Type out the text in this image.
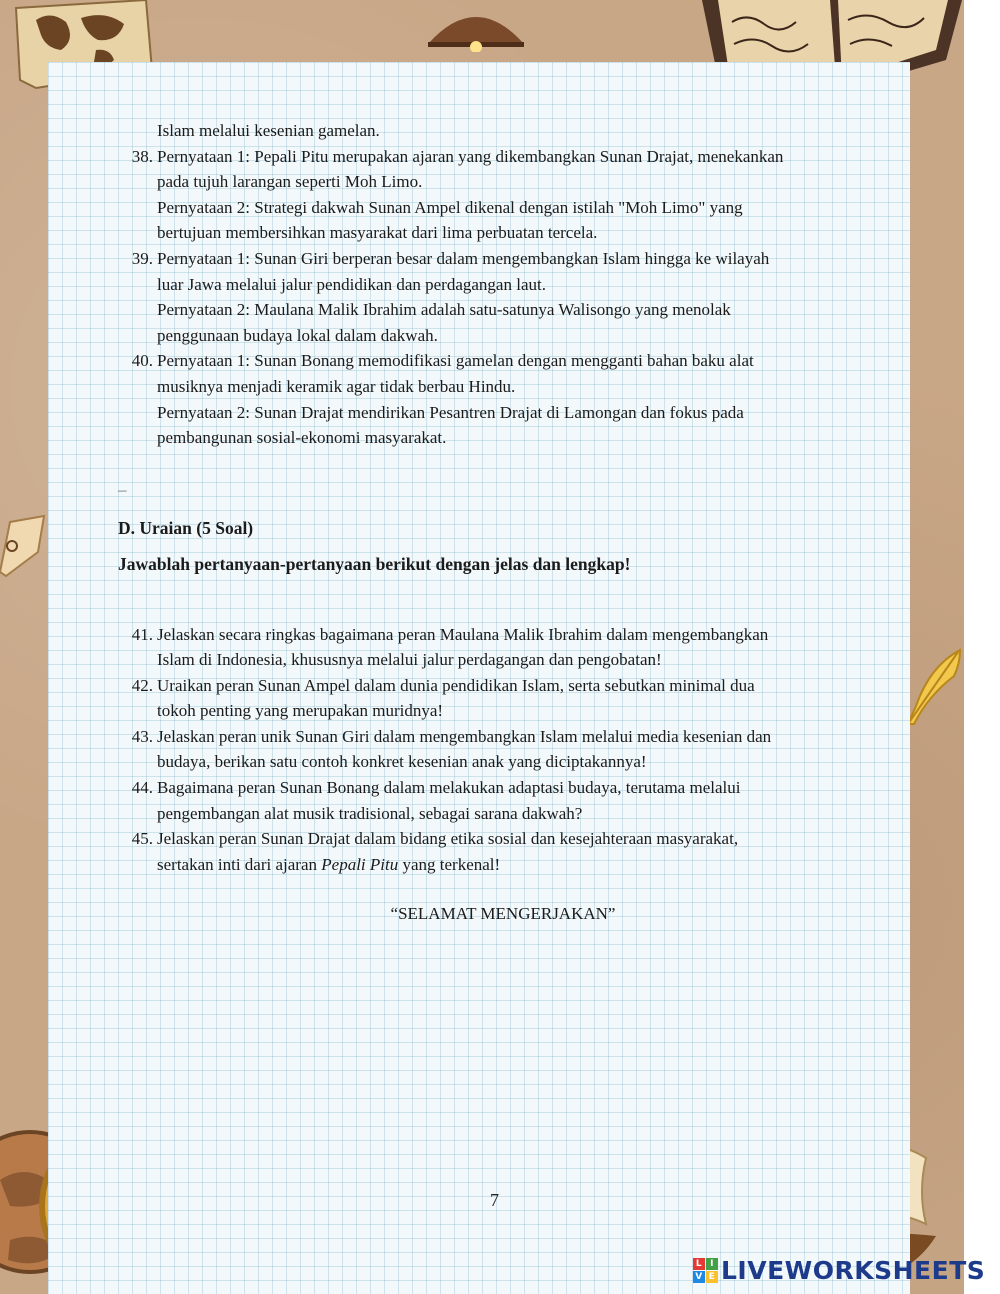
Islam melalui kesenian gamelan.
38. Pernyataan 1: Pepali Pitu merupakan ajaran yang dikembangkan Sunan Drajat, menekankan
pada tujuh larangan seperti Moh Limo.
Pernyataan 2: Strategi dakwah Sunan Ampel dikenal dengan istilah "Moh Limo" yang
bertujuan membersihkan masyarakat dari lima perbuatan tercela.
39. Pernyataan 1: Sunan Giri berperan besar dalam mengembangkan Islam hingga ke wilayah
luar Jawa melalui jalur pendidikan dan perdagangan laut.
Pernyataan 2: Maulana Malik Ibrahim adalah satu-satunya Walisongo yang menolak
penggunaan budaya lokal dalam dakwah.
40. Pernyataan 1: Sunan Bonang memodifikasi gamelan dengan mengganti bahan baku alat
musiknya menjadi keramik agar tidak berbau Hindu.
Pernyataan 2: Sunan Drajat mendirikan Pesantren Drajat di Lamongan dan fokus pada
pembangunan sosial-ekonomi masyarakat.
–
D. Uraian (5 Soal)
Jawablah pertanyaan-pertanyaan berikut dengan jelas dan lengkap!
41. Jelaskan secara ringkas bagaimana peran Maulana Malik Ibrahim dalam mengembangkan
Islam di Indonesia, khususnya melalui jalur perdagangan dan pengobatan!
42. Uraikan peran Sunan Ampel dalam dunia pendidikan Islam, serta sebutkan minimal dua
tokoh penting yang merupakan muridnya!
43. Jelaskan peran unik Sunan Giri dalam mengembangkan Islam melalui media kesenian dan
budaya, berikan satu contoh konkret kesenian anak yang diciptakannya!
44. Bagaimana peran Sunan Bonang dalam melakukan adaptasi budaya, terutama melalui
pengembangan alat musik tradisional, sebagai sarana dakwah?
45. Jelaskan peran Sunan Drajat dalam bidang etika sosial dan kesejahteraan masyarakat,
sertakan inti dari ajaran Pepali Pitu yang terkenal!
“SELAMAT MENGERJAKAN”
7
L I
V E LIVEWORKSHEETS
